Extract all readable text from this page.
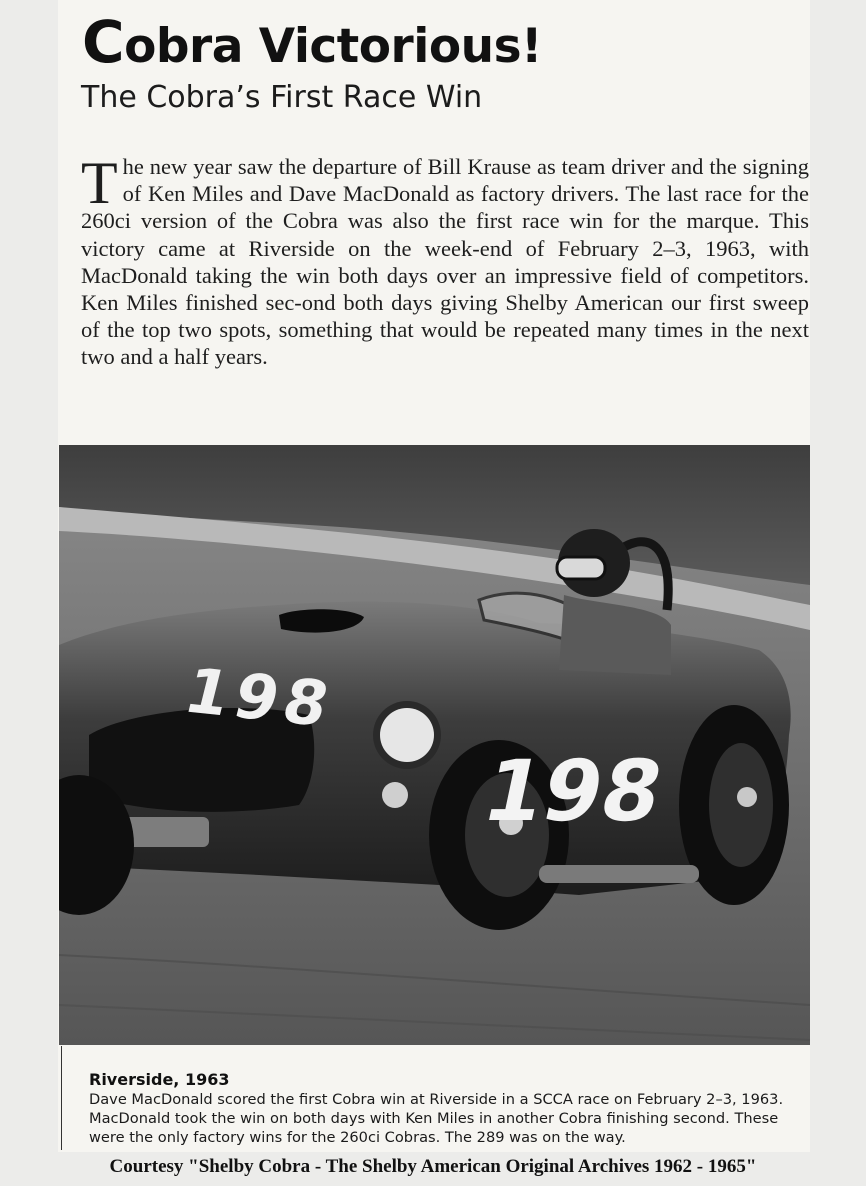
Cobra Victorious!
The Cobra’s First Race Win

The new year saw the departure of Bill Krause as team driver and the signing of Ken Miles and Dave MacDonald as factory drivers. The last race for the 260ci version of the Cobra was also the first race win for the marque. This victory came at Riverside on the week-end of February 2–3, 1963, with MacDonald taking the win both days over an impressive field of competitors. Ken Miles finished sec-ond both days giving Shelby American our first sweep of the top two spots, something that would be repeated many times in the next two and a half years.

198
198
Riverside, 1963

Dave MacDonald scored the first Cobra win at Riverside in a SCCA race on February 2–3, 1963. MacDonald took the win on both days with Ken Miles in another Cobra finishing second. These were the only factory wins for the 260ci Cobras. The 289 was on the way.

Courtesy "Shelby Cobra - The Shelby American Original Archives 1962 - 1965"
